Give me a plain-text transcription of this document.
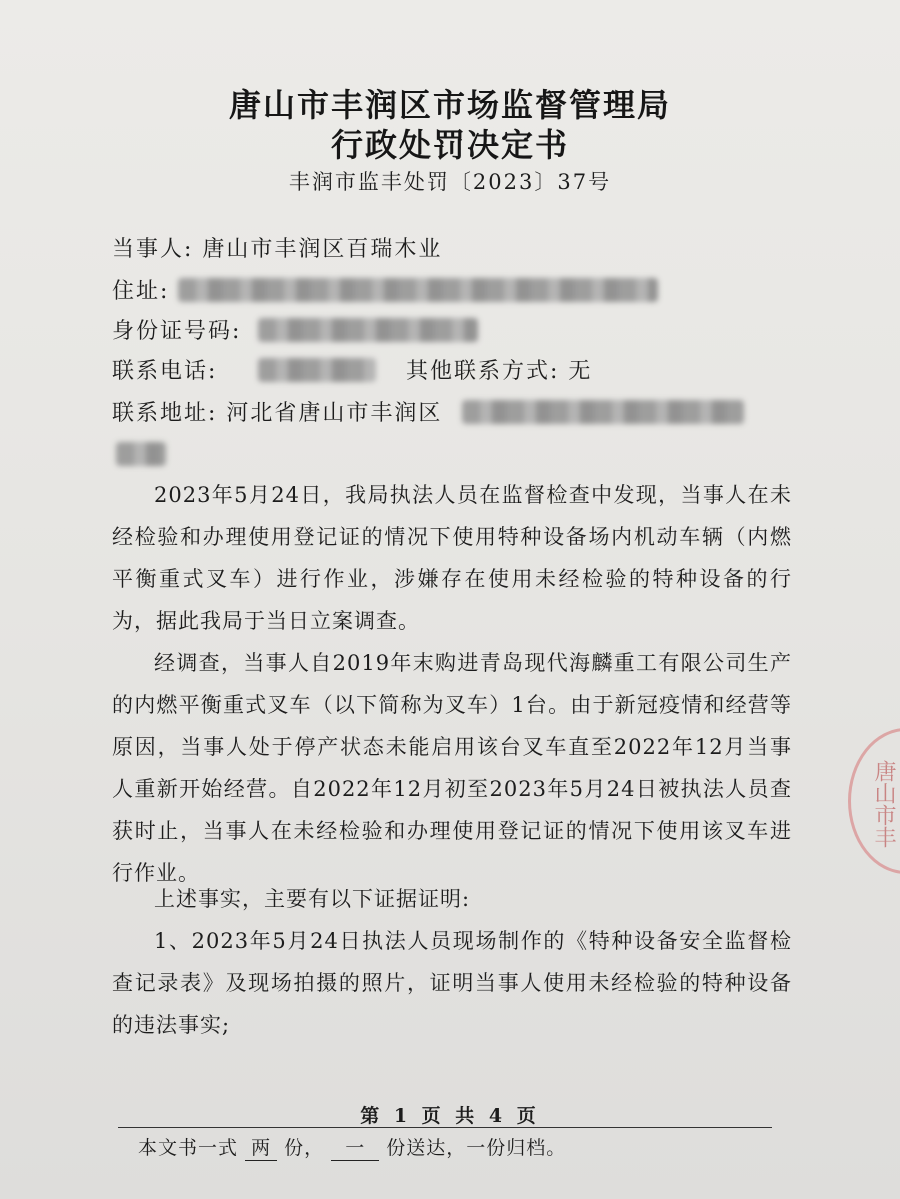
唐山市丰润区市场监督管理局
行政处罚决定书
丰润市监丰处罚〔2023〕37号
当事人: 唐山市丰润区百瑞木业
住址:
身份证号码:
联系电话:	其他联系方式: 无
联系地址: 河北省唐山市丰润区
2023年5月24日，我局执法人员在监督检查中发现，当事人在未经检验和办理使用登记证的情况下使用特种设备场内机动车辆（内燃平衡重式叉车）进行作业，涉嫌存在使用未经检验的特种设备的行为，据此我局于当日立案调查。
经调查，当事人自2019年末购进青岛现代海麟重工有限公司生产的内燃平衡重式叉车（以下简称为叉车）1台。由于新冠疫情和经营等原因，当事人处于停产状态未能启用该台叉车直至2022年12月当事人重新开始经营。自2022年12月初至2023年5月24日被执法人员查获时止，当事人在未经检验和办理使用登记证的情况下使用该叉车进行作业。
上述事实，主要有以下证据证明:
1、2023年5月24日执法人员现场制作的《特种设备安全监督检查记录表》及现场拍摄的照片，证明当事人使用未经检验的特种设备的违法事实;
唐山市丰
第 1 页 共 4 页
本文书一式 两 份， 一 份送达，一份归档。
